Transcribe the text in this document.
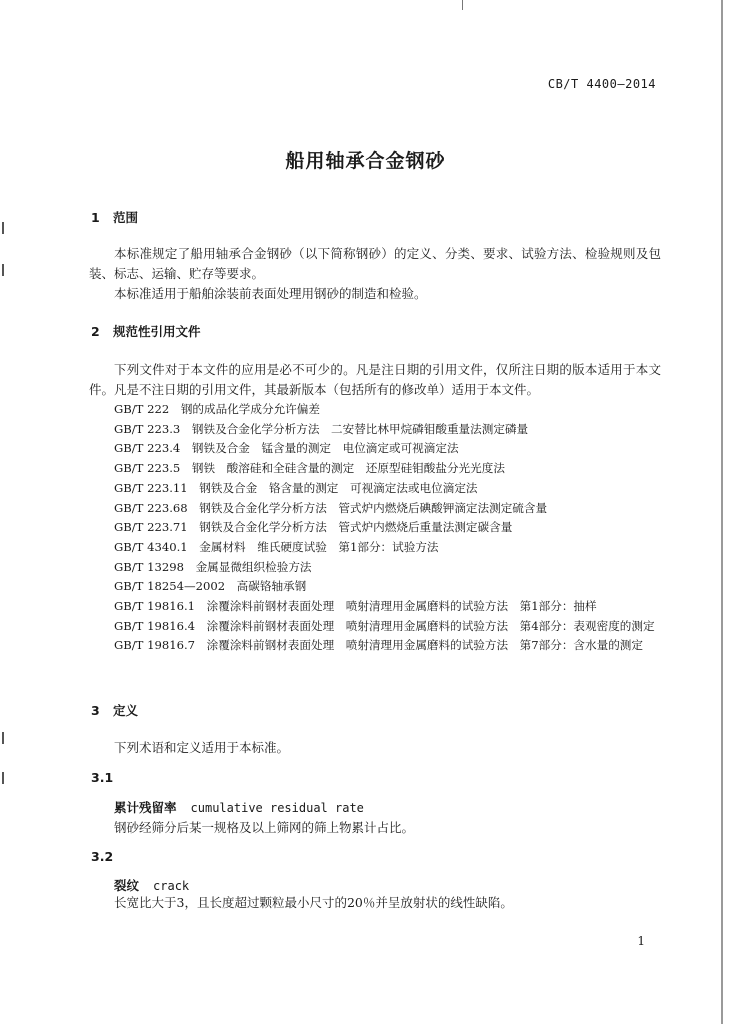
CB/T 4400—2014
船用轴承合金钢砂
1 范围
本标准规定了船用轴承合金钢砂（以下简称钢砂）的定义、分类、要求、试验方法、检验规则及包装、标志、运输、贮存等要求。
本标准适用于船舶涂装前表面处理用钢砂的制造和检验。
2 规范性引用文件
下列文件对于本文件的应用是必不可少的。凡是注日期的引用文件，仅所注日期的版本适用于本文件。凡是不注日期的引用文件，其最新版本（包括所有的修改单）适用于本文件。
GB/T 222　钢的成品化学成分允许偏差
GB/T 223.3　钢铁及合金化学分析方法　二安替比林甲烷磷钼酸重量法测定磷量
GB/T 223.4　钢铁及合金　锰含量的测定　电位滴定或可视滴定法
GB/T 223.5　钢铁　酸溶硅和全硅含量的测定　还原型硅钼酸盐分光光度法
GB/T 223.11　钢铁及合金　铬含量的测定　可视滴定法或电位滴定法
GB/T 223.68　钢铁及合金化学分析方法　管式炉内燃烧后碘酸钾滴定法测定硫含量
GB/T 223.71　钢铁及合金化学分析方法　管式炉内燃烧后重量法测定碳含量
GB/T 4340.1　金属材料　维氏硬度试验　第1部分：试验方法
GB/T 13298　金属显微组织检验方法
GB/T 18254—2002　高碳铬轴承钢
GB/T 19816.1　涂覆涂料前钢材表面处理　喷射清理用金属磨料的试验方法　第1部分：抽样
GB/T 19816.4　涂覆涂料前钢材表面处理　喷射清理用金属磨料的试验方法　第4部分：表观密度的测定
GB/T 19816.7　涂覆涂料前钢材表面处理　喷射清理用金属磨料的试验方法　第7部分：含水量的测定
3 定义
下列术语和定义适用于本标准。
3.1
累计残留率 cumulative residual rate
钢砂经筛分后某一规格及以上筛网的筛上物累计占比。
3.2
裂纹 crack
长宽比大于3，且长度超过颗粒最小尺寸的20％并呈放射状的线性缺陷。
1
